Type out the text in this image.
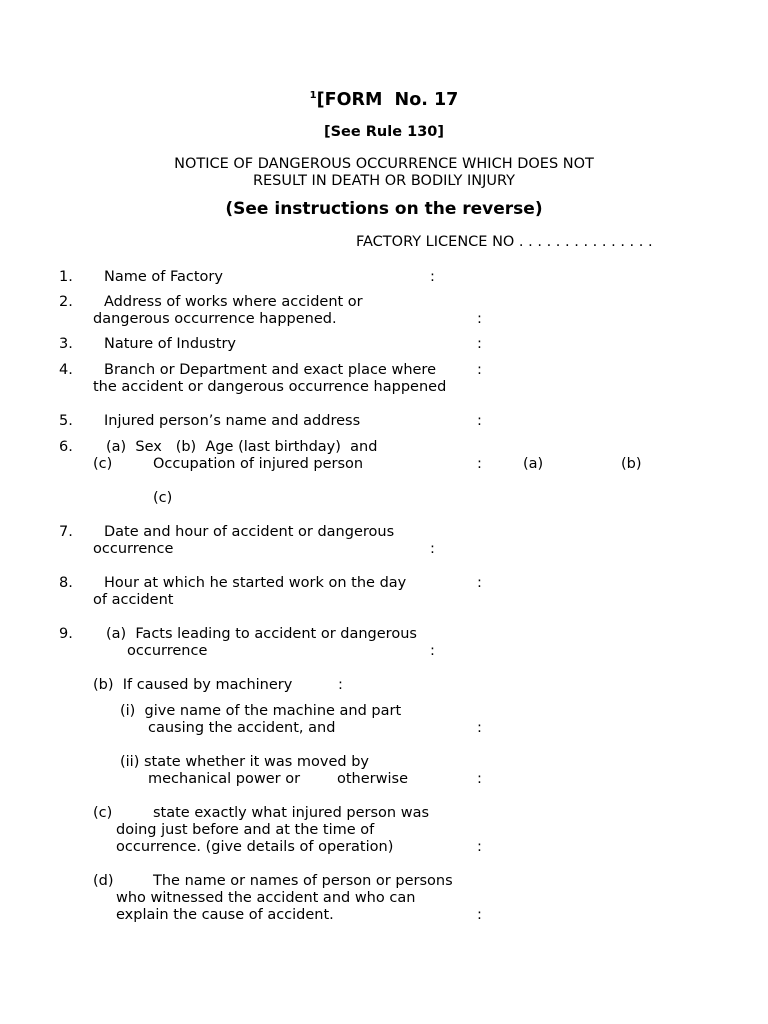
$^1$[FORM  No. 17
[See Rule 130]
NOTICE OF DANGEROUS OCCURRENCE WHICH DOES NOT
RESULT IN DEATH OR BODILY INJURY
(See instructions on the reverse)
FACTORY LICENCE NO . . . . . . . . . . . . . . .
1. Name of Factory	:
2. Address of works where accident or
dangerous occurrence happened.	:
3. Nature of Industry	:
4. Branch or Department and exact place where	:
the accident or dangerous occurrence happened
5. Injured person’s name and address	:
6. (a)  Sex   (b)  Age (last birthday)  and
(c)	Occupation of injured person	:	(a)	(b)
(c)
7. Date and hour of accident or dangerous
occurrence	:
8. Hour at which he started work on the day	:
of accident
9. (a)  Facts leading to accident or dangerous
occurrence	:
(b)  If caused by machinery	:
(i)  give name of the machine and part
causing the accident, and	:
(ii) state whether it was moved by
mechanical power or	otherwise	:
(c)	state exactly what injured person was
doing just before and at the time of
occurrence. (give details of operation)	:
(d)	The name or names of person or persons
who witnessed the accident and who can
explain the cause of accident.	:
